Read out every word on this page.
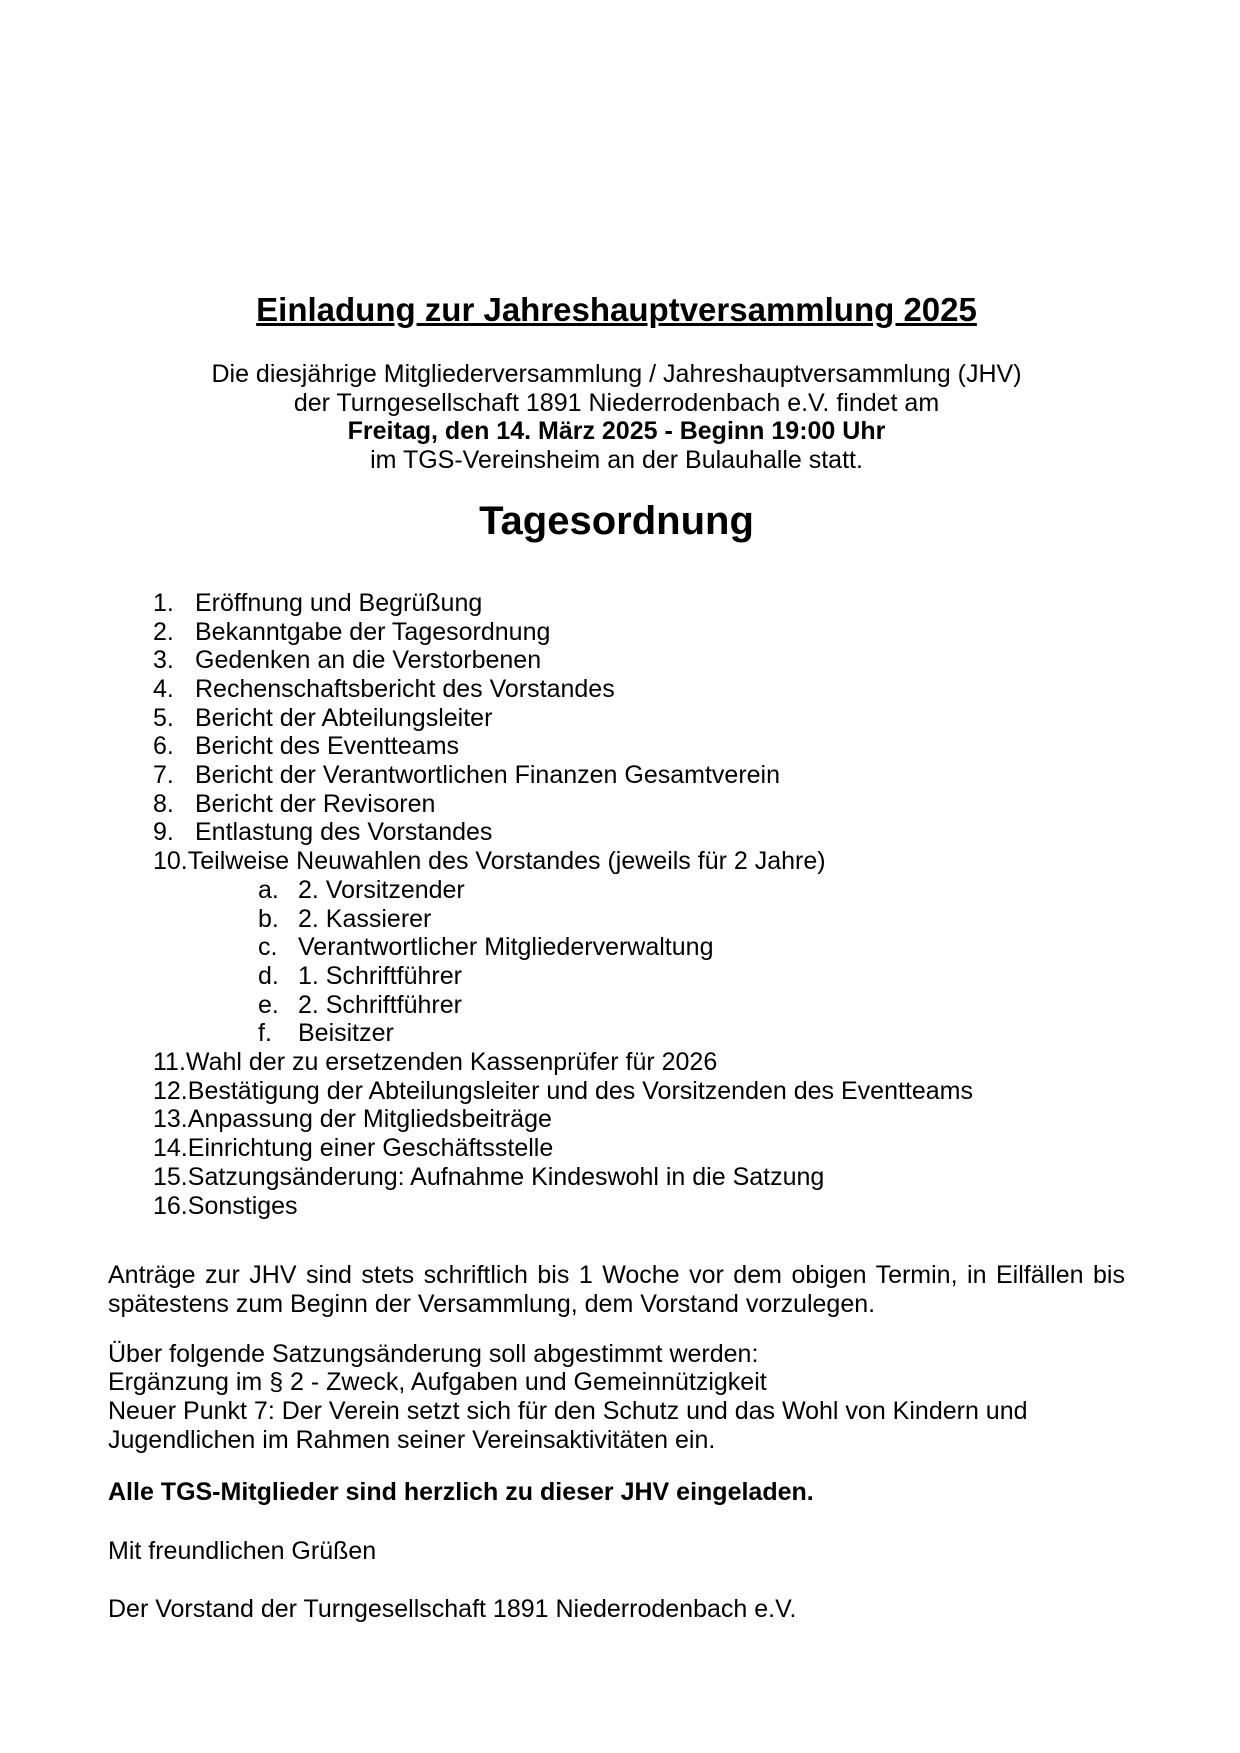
Einladung zur Jahreshauptversammlung 2025
Die diesjährige Mitgliederversammlung / Jahreshauptversammlung (JHV)
der Turngesellschaft 1891 Niederrodenbach e.V. findet am
Freitag, den 14. März 2025 - Beginn 19:00 Uhr
im TGS-Vereinsheim an der Bulauhalle statt.
Tagesordnung
1. Eröffnung und Begrüßung
2. Bekanntgabe der Tagesordnung
3. Gedenken an die Verstorbenen
4. Rechenschaftsbericht des Vorstandes
5. Bericht der Abteilungsleiter
6. Bericht des Eventteams
7. Bericht der Verantwortlichen Finanzen Gesamtverein
8. Bericht der Revisoren
9. Entlastung des Vorstandes
10.Teilweise Neuwahlen des Vorstandes (jeweils für 2 Jahre)
a. 2. Vorsitzender
b. 2. Kassierer
c. Verantwortlicher Mitgliederverwaltung
d. 1. Schriftführer
e. 2. Schriftführer
f. Beisitzer
11.Wahl der zu ersetzenden Kassenprüfer für 2026
12.Bestätigung der Abteilungsleiter und des Vorsitzenden des Eventteams
13.Anpassung der Mitgliedsbeiträge
14.Einrichtung einer Geschäftsstelle
15.Satzungsänderung: Aufnahme Kindeswohl in die Satzung
16.Sonstiges

Anträge zur JHV sind stets schriftlich bis 1 Woche vor dem obigen Termin, in Eilfällen bis spätestens zum Beginn der Versammlung, dem Vorstand vorzulegen.

Über folgende Satzungsänderung soll abgestimmt werden:
Ergänzung im § 2 - Zweck, Aufgaben und Gemeinnützigkeit
Neuer Punkt 7: Der Verein setzt sich für den Schutz und das Wohl von Kindern und Jugendlichen im Rahmen seiner Vereinsaktivitäten ein.
Alle TGS-Mitglieder sind herzlich zu dieser JHV eingeladen.
Mit freundlichen Grüßen
Der Vorstand der Turngesellschaft 1891 Niederrodenbach e.V.
